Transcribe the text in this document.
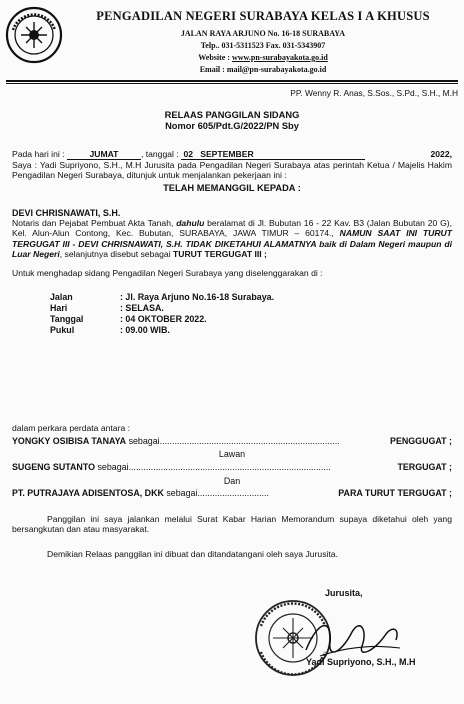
PENGADILAN NEGERI SURABAYA KELAS I A KHUSUS
JALAN RAYA ARJUNO No. 16-18 SURABAYA
Telp.. 031-5311523 Fax. 031-5343907
Website : www.pn-surabayakota.go.id
Email : mail@pn-surabayakota.go.id
PP. Wenny R. Anas, S.Sos., S.Pd., S.H., M.H
RELAAS PANGGILAN SIDANG
Nomor 605/Pdt.G/2022/PN Sby
Pada hari ini :	JUMAT	, tanggal : 02 SEPTEMBER	2022,
Saya : Yadi Supriyono, S.H., M.H Jurusita pada Pengadilan Negeri Surabaya atas perintah Ketua / Majelis Hakim Pengadilan Negeri Surabaya, ditunjuk untuk menjalankan pekerjaan ini :
TELAH MEMANGGIL KEPADA :
DEVI CHRISNAWATI, S.H.
Notaris dan Pejabat Pembuat Akta Tanah, dahulu beralamat di Jl. Bubutan 16 - 22 Kav. B3 (Jalan Bubutan 20 G), Kel. Alun-Alun Contong, Kec. Bubutan, SURABAYA, JAWA TIMUR – 60174., NAMUN SAAT INI TURUT TERGUGAT III - DEVI CHRISNAWATI, S.H. TIDAK DIKETAHUI ALAMATNYA baik di Dalam Negeri maupun di Luar Negeri, selanjutnya disebut sebagai TURUT TERGUGAT III ;
Untuk menghadap sidang Pengadilan Negeri Surabaya yang diselenggarakan di :
Jalan	: Jl. Raya Arjuno No.16-18 Surabaya.
Hari	: SELASA.
Tanggal	: 04 OKTOBER 2022.
Pukul	: 09.00 WIB.
dalam perkara perdata antara :
YONGKY OSIBISA TANAYA sebagai.........................................................................	PENGGUGAT ;
Lawan
SUGENG SUTANTO sebagai..................................................................................	TERGUGAT ;
Dan
PT. PUTRAJAYA ADISENTOSA, DKK sebagai.............................	PARA TURUT TERGUGAT ;
Panggilan ini saya jalankan melalui Surat Kabar Harian Memorandum supaya diketahui oleh yang bersangkutan dan atau masyarakat.
Demikian Relaas panggilan ini dibuat dan ditandatangani oleh saya Jurusita.
Jurusita,
Yadi Supriyono, S.H., M.H
